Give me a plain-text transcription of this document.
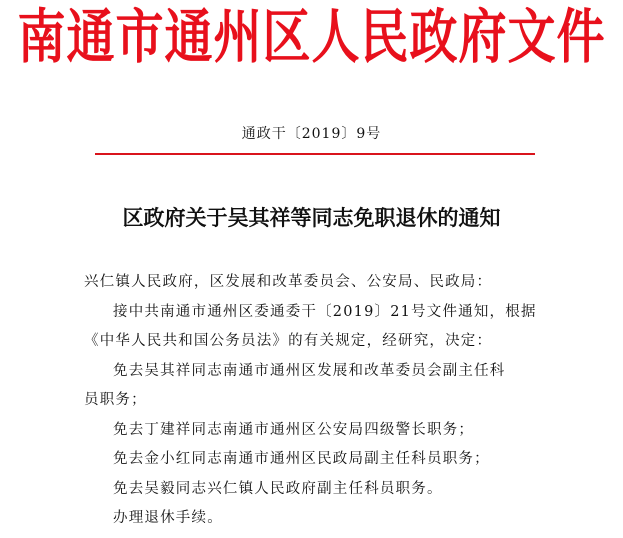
南通市通州区人民政府文件
通政干〔2019〕9号
区政府关于吴其祥等同志免职退休的通知

兴仁镇人民政府，区发展和改革委员会、公安局、民政局：

接中共南通市通州区委通委干〔2019〕21号文件通知，根据

《中华人民共和国公务员法》的有关规定，经研究，决定：

免去吴其祥同志南通市通州区发展和改革委员会副主任科

员职务；

免去丁建祥同志南通市通州区公安局四级警长职务；

免去金小红同志南通市通州区民政局副主任科员职务；

免去吴毅同志兴仁镇人民政府副主任科员职务。

办理退休手续。
